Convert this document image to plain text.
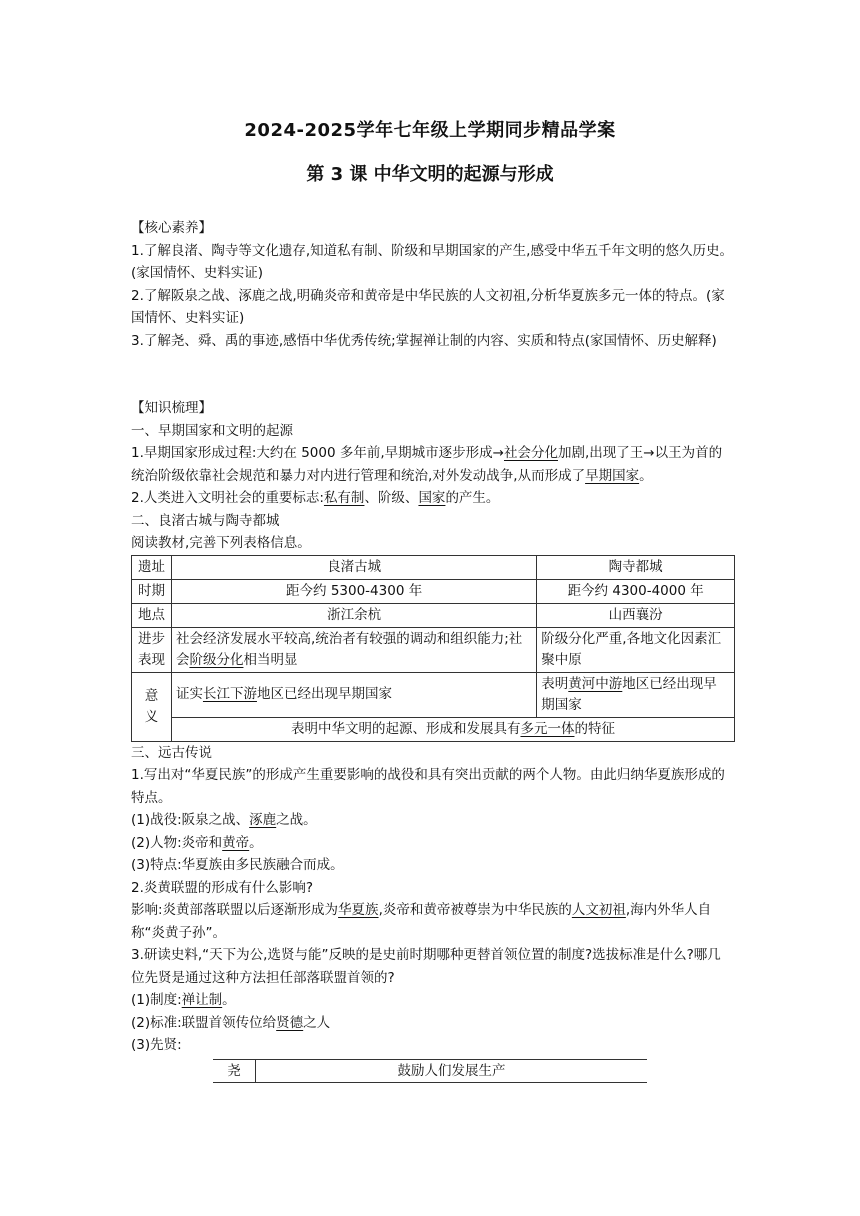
2024-2025学年七年级上学期同步精品学案
第 3 课 中华文明的起源与形成

【核心素养】

1.了解良渚、陶寺等文化遗存,知道私有制、阶级和早期国家的产生,感受中华五千年文明的悠久历史。(家国情怀、史料实证)

2.了解阪泉之战、涿鹿之战,明确炎帝和黄帝是中华民族的人文初祖,分析华夏族多元一体的特点。(家国情怀、史料实证)

3.了解尧、舜、禹的事迹,感悟中华优秀传统;掌握禅让制的内容、实质和特点(家国情怀、历史解释)

【知识梳理】

一、早期国家和文明的起源

1.早期国家形成过程:大约在 5000 多年前,早期城市逐步形成→社会分化加剧,出现了王→以王为首的统治阶级依靠社会规范和暴力对内进行管理和统治,对外发动战争,从而形成了早期国家。

2.人类进入文明社会的重要标志:私有制、阶级、国家的产生。

二、良渚古城与陶寺都城

阅读教材,完善下列表格信息。

遗址	良渚古城	陶寺都城
时期	距今约 5300-4300 年	距今约 4300-4000 年
地点	浙江余杭	山西襄汾
进步
表现	社会经济发展水平较高,统治者有较强的调动和组织能力;社会阶级分化相当明显	阶级分化严重,各地文化因素汇聚中原
意
义	证实长江下游地区已经出现早期国家	表明黄河中游地区已经出现早期国家
	表明中华文明的起源、形成和发展具有多元一体的特征	

三、远古传说

1.写出对“华夏民族”的形成产生重要影响的战役和具有突出贡献的两个人物。由此归纳华夏族形成的特点。

(1)战役:阪泉之战、涿鹿之战。

(2)人物:炎帝和黄帝。

(3)特点:华夏族由多民族融合而成。

2.炎黄联盟的形成有什么影响?

影响:炎黄部落联盟以后逐渐形成为华夏族,炎帝和黄帝被尊崇为中华民族的人文初祖,海内外华人自称“炎黄子孙”。

3.研读史料,“天下为公,选贤与能”反映的是史前时期哪种更替首领位置的制度?选拔标准是什么?哪几位先贤是通过这种方法担任部落联盟首领的?

(1)制度:禅让制。

(2)标准:联盟首领传位给贤德之人

(3)先贤:

尧	鼓励人们发展生产
